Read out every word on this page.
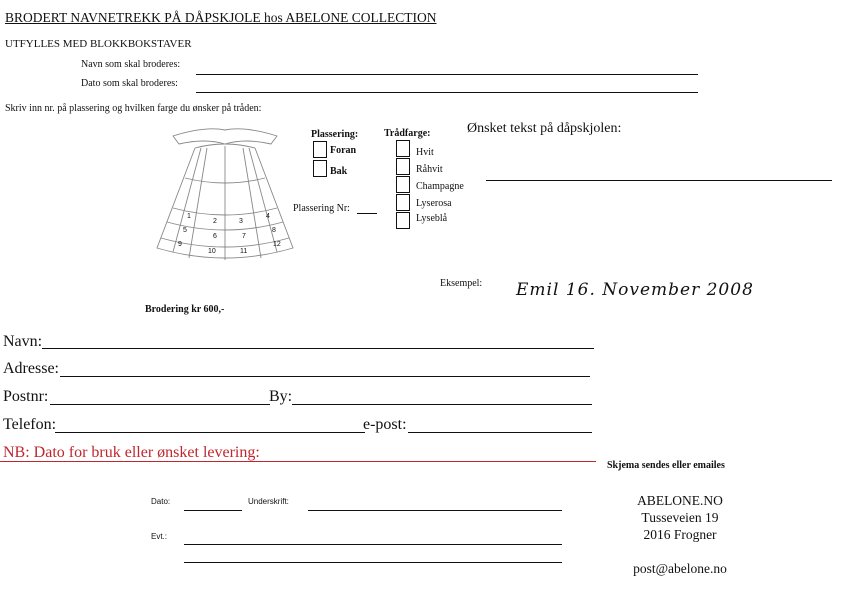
BRODERT NAVNETREKK PÅ DÅPSKJOLE hos ABELONE COLLECTION
UTFYLLES MED BLOKKBOKSTAVER
Navn som skal broderes:
Dato som skal broderes:
Skriv inn nr. på plassering og hvilken farge du ønsker på tråden:
1
2	3
4
5
6	7
8
9
10	11
12
Plassering:
Foran
Bak
Plassering Nr:
Trådfarge:
Hvit
Råhvit
Champagne
Lyserosa
Lyseblå
Ønsket tekst på dåpskjolen:
Eksempel: Emil 16. November 2008
Brodering kr 600,-
Navn:
Adresse:
Postnr:	By:
Telefon:	e-post:
NB: Dato for bruk eller ønsket levering:
Dato:	Underskrift:
Evt.:
Skjema sendes eller emailes
ABELONE.NO
Tusseveien 19
2016 Frogner
post@abelone.no
